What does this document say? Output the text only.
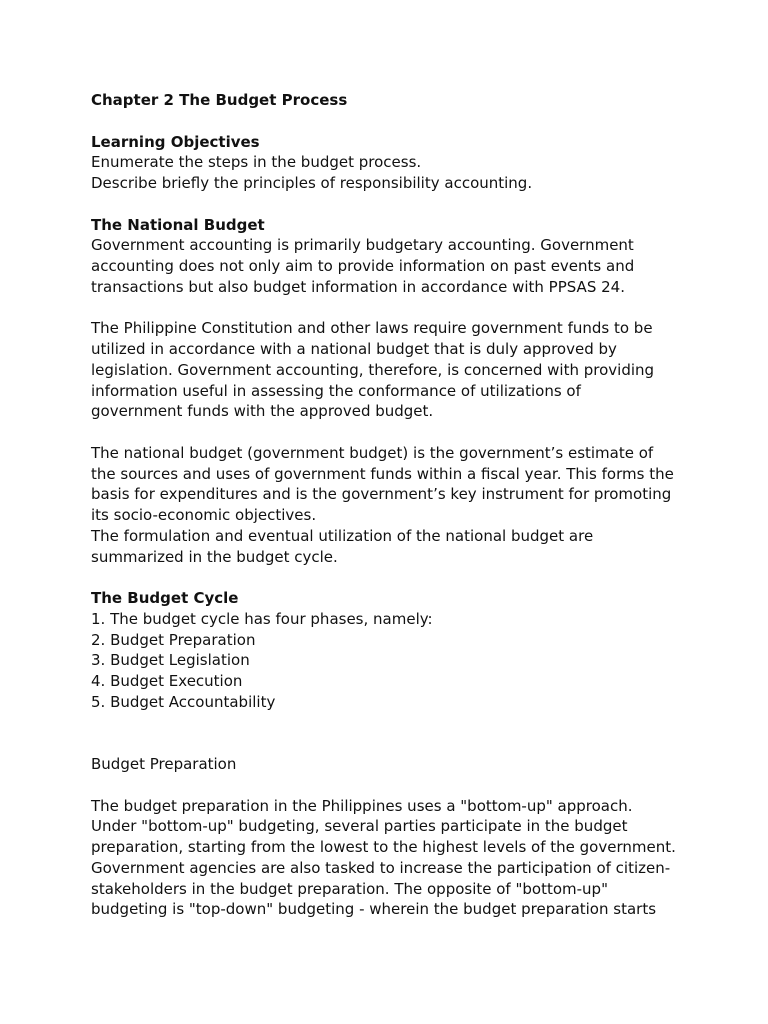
Chapter 2 The Budget Process
Learning Objectives
Enumerate the steps in the budget process.
Describe briefly the principles of responsibility accounting.
The National Budget
Government accounting is primarily budgetary accounting. Government
accounting does not only aim to provide information on past events and
transactions but also budget information in accordance with PPSAS 24.
The Philippine Constitution and other laws require government funds to be
utilized in accordance with a national budget that is duly approved by
legislation. Government accounting, therefore, is concerned with providing
information useful in assessing the conformance of utilizations of
government funds with the approved budget.
The national budget (government budget) is the government’s estimate of
the sources and uses of government funds within a fiscal year. This forms the
basis for expenditures and is the government’s key instrument for promoting
its socio-economic objectives.
The formulation and eventual utilization of the national budget are
summarized in the budget cycle.
The Budget Cycle
1. The budget cycle has four phases, namely:
2. Budget Preparation
3. Budget Legislation
4. Budget Execution
5. Budget Accountability
Budget Preparation
The budget preparation in the Philippines uses a "bottom-up" approach.
Under "bottom-up" budgeting, several parties participate in the budget
preparation, starting from the lowest to the highest levels of the government.
Government agencies are also tasked to increase the participation of citizen-
stakeholders in the budget preparation. The opposite of "bottom-up"
budgeting is "top-down" budgeting - wherein the budget preparation starts
